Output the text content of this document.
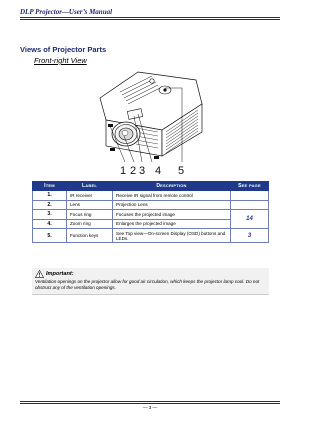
DLP Projector—User’s Manual
Views of Projector Parts
Front-right View
1 2 3 4 5
Item	Label	Description	See page
1.	IR receiver	Receive IR signal from remote control	
2.	Lens	Projection Lens	
3.	Focus ring	Focuses the projected image	14
4.	Zoom ring	Enlarges the projected image	
5.	Function keys	See Top view—On-screen Display (OSD) buttons and LEDs.	3
Important:
Ventilation openings on the projector allow for good air circulation, which keeps the projector lamp cool. Do not obstruct any of the ventilation openings.
— 3 —
